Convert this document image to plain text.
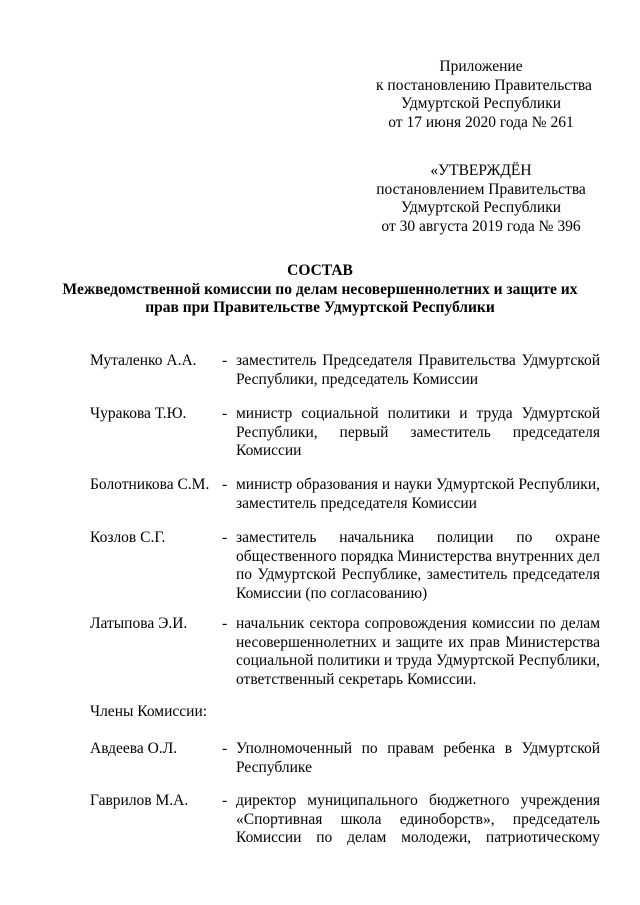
Приложение
к постановлению Правительства
Удмуртской Республики
от 17 июня 2020 года № 261
«УТВЕРЖДЁН
постановлением Правительства
Удмуртской Республики
от 30 августа 2019 года № 396
СОСТАВ
Межведомственной комиссии по делам несовершеннолетних и защите их
прав при Правительстве Удмуртской Республики
Муталенко А.А. - заместитель Председателя Правительства Удмуртской
Республики, председатель Комиссии
Чуракова Т.Ю. - министр социальной политики и труда Удмуртской
Республики, первый заместитель председателя
Комиссии
Болотникова С.М. - министр образования и науки Удмуртской Республики,
заместитель председателя Комиссии
Козлов С.Г.	- заместитель начальника полиции по охране
общественного порядка Министерства внутренних дел
по Удмуртской Республике, заместитель председателя
Комиссии (по согласованию)
Латыпова Э.И. - начальник сектора сопровождения комиссии по делам
несовершеннолетних и защите их прав Министерства
социальной политики и труда Удмуртской Республики,
ответственный секретарь Комиссии.
Члены Комиссии:
Авдеева О.Л.	- Уполномоченный по правам ребенка в Удмуртской
Республике
Гаврилов М.А. - директор муниципального бюджетного учреждения
«Спортивная школа единоборств», председатель
Комиссии по делам молодежи, патриотическому
